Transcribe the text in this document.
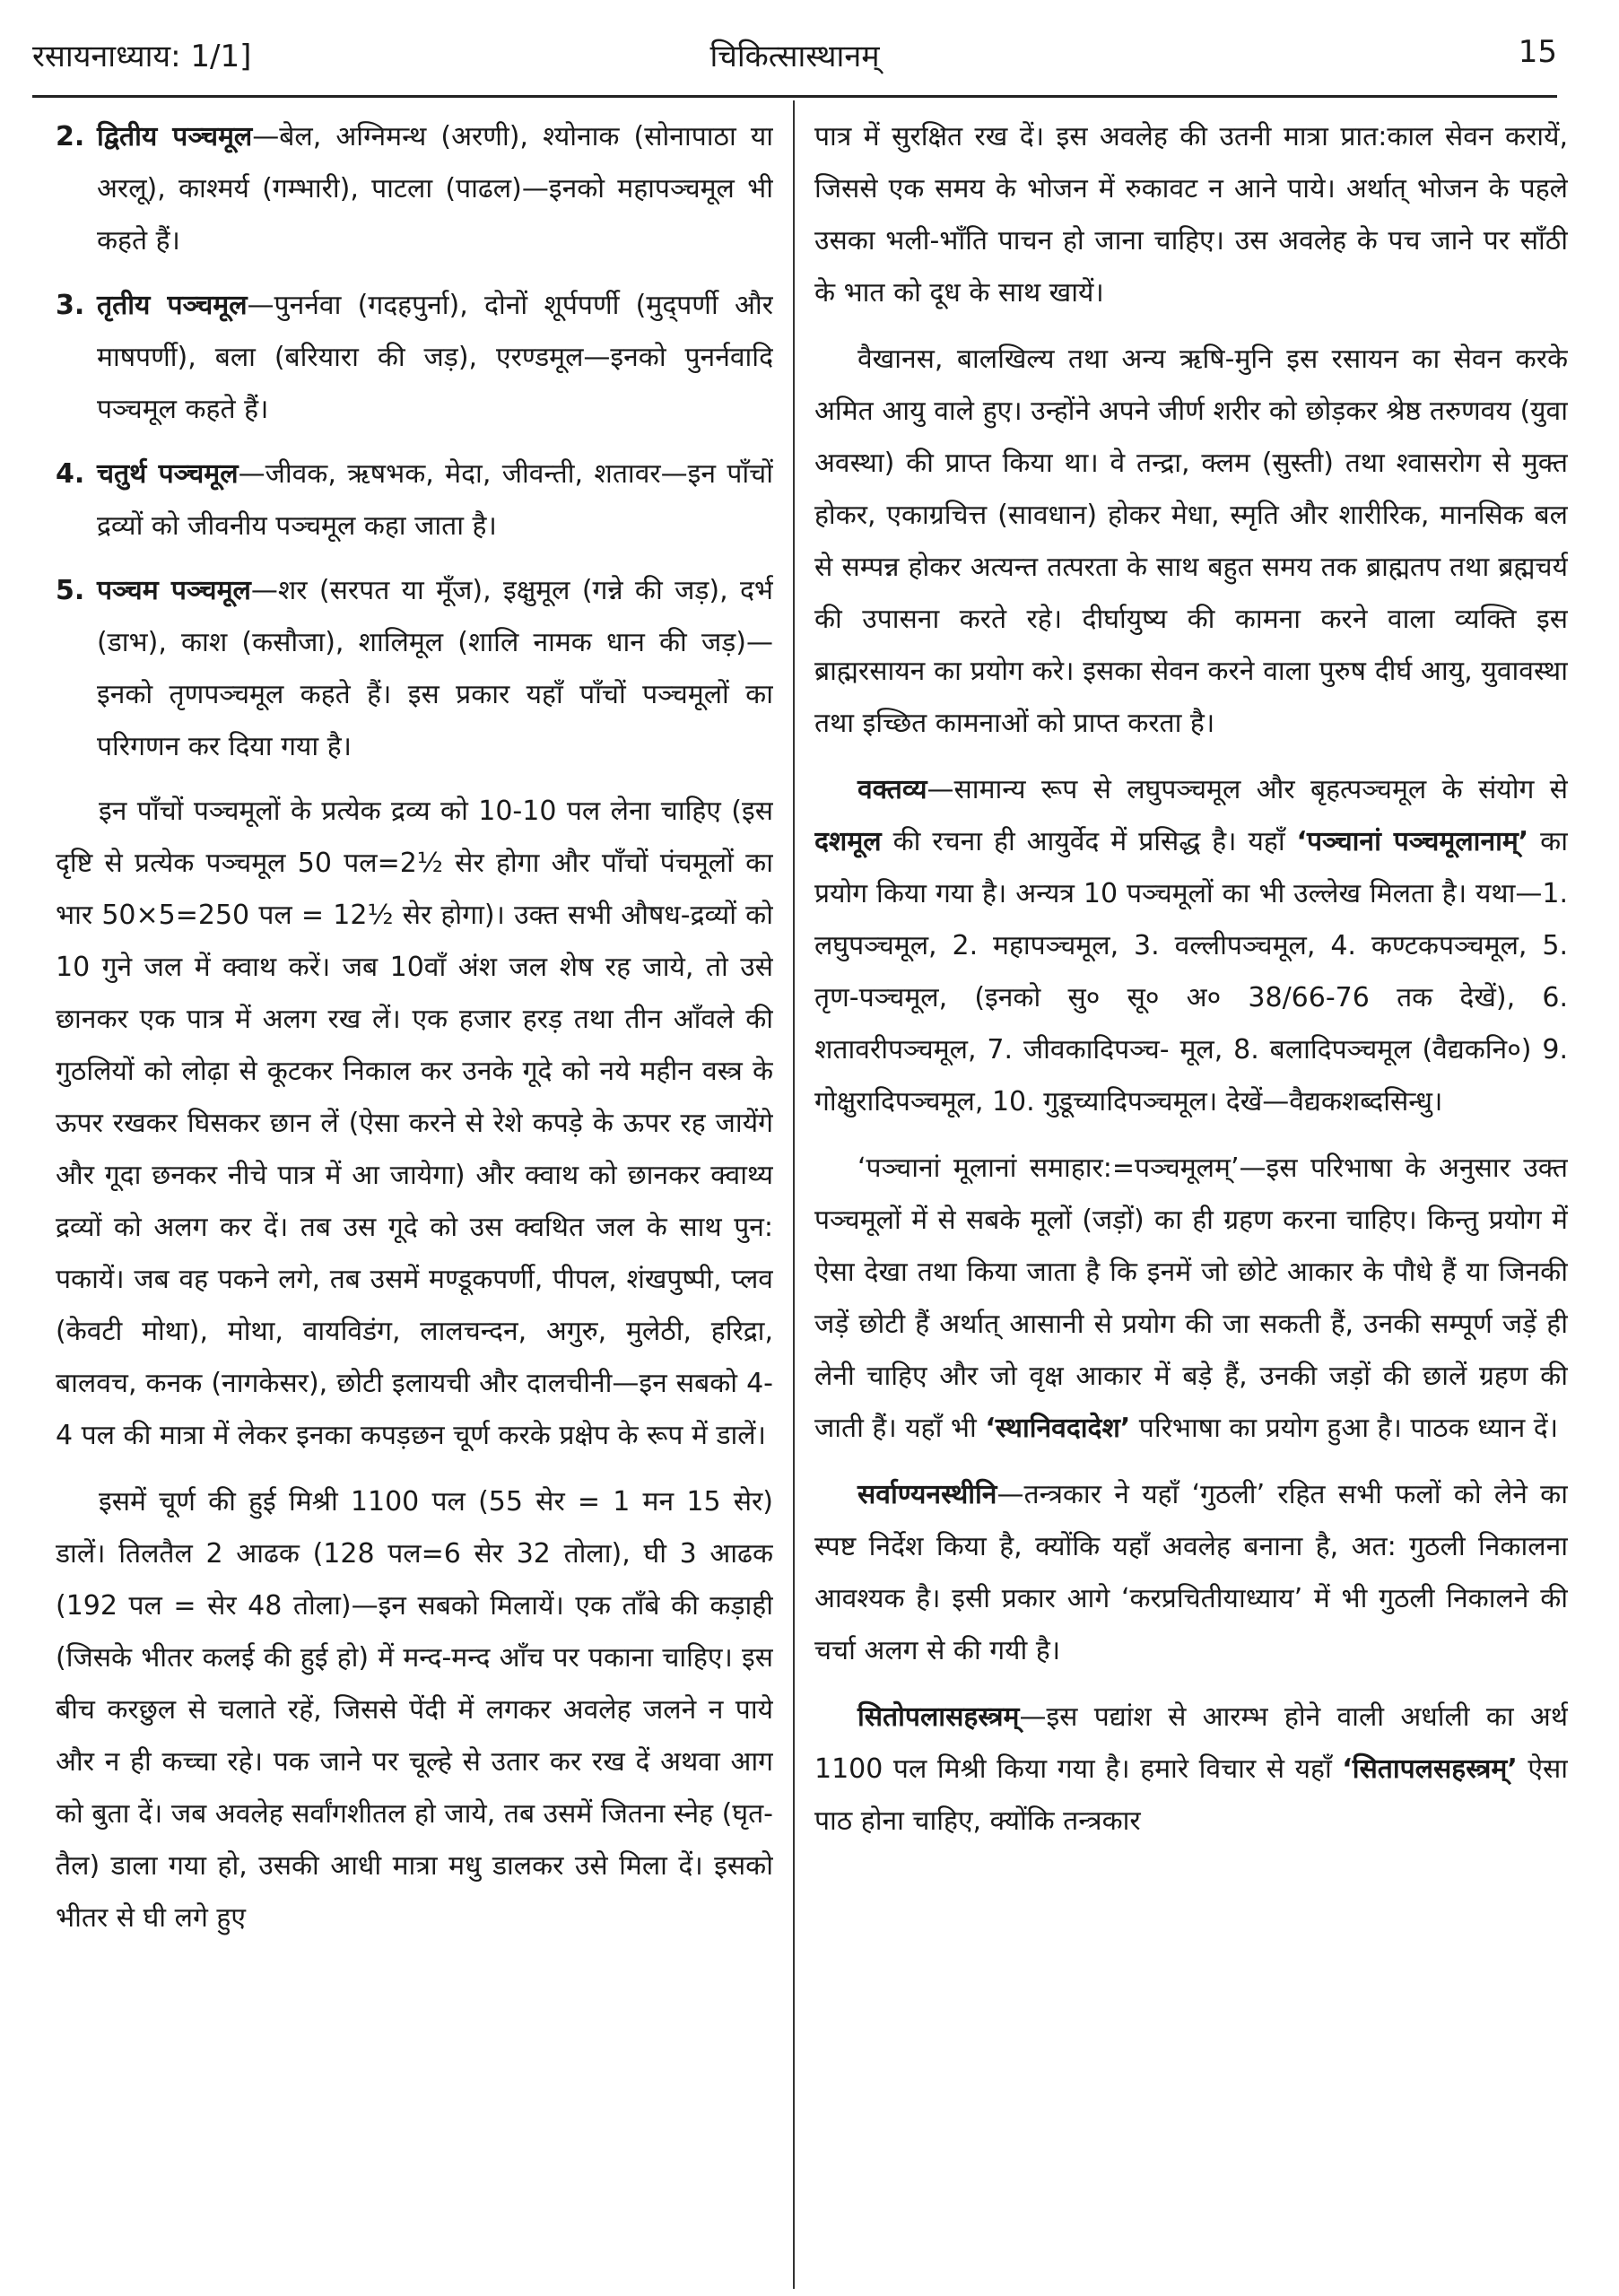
रसायनाध्याय: 1/1]	चिकित्सास्थानम्	15
2. द्वितीय पञ्चमूल—बेल, अग्निमन्थ (अरणी), श्योनाक (सोनापाठा या अरलू), काश्मर्य (गम्भारी), पाटला (पाढल)—इनको महापञ्चमूल भी कहते हैं।
3. तृतीय पञ्चमूल—पुनर्नवा (गदहपुर्ना), दोनों शूर्पपर्णी (मुद्‍पर्णी और माषपर्णी), बला (बरियारा की जड़), एरण्डमूल—इनको पुनर्नवादि पञ्चमूल कहते हैं।
4. चतुर्थ पञ्चमूल—जीवक, ऋषभक, मेदा, जीवन्ती, शतावर—इन पाँचों द्रव्यों को जीवनीय पञ्चमूल कहा जाता है।
5. पञ्चम पञ्चमूल—शर (सरपत या मूँज), इक्षुमूल (गन्ने की जड़), दर्भ (डाभ), काश (कसौजा), शालिमूल (शालि नामक धान की जड़)—इनको तृणपञ्चमूल कहते हैं। इस प्रकार यहाँ पाँचों पञ्चमूलों का परिगणन कर दिया गया है।

इन पाँचों पञ्चमूलों के प्रत्येक द्रव्य को 10-10 पल लेना चाहिए (इस दृष्टि से प्रत्येक पञ्चमूल 50 पल=2½ सेर होगा और पाँचों पंचमूलों का भार 50×5=250 पल = 12½ सेर होगा)। उक्त सभी औषध-द्रव्यों को 10 गुने जल में क्वाथ करें। जब 10वाँ अंश जल शेष रह जाये, तो उसे छानकर एक पात्र में अलग रख लें। एक हजार हरड़ तथा तीन आँवले की गुठलियों को लोढ़ा से कूटकर निकाल कर उनके गूदे को नये महीन वस्त्र के ऊपर रखकर घिसकर छान लें (ऐसा करने से रेशे कपड़े के ऊपर रह जायेंगे और गूदा छनकर नीचे पात्र में आ जायेगा) और क्वाथ को छानकर क्वाथ्य द्रव्यों को अलग कर दें। तब उस गूदे को उस क्वथित जल के साथ पुन: पकायें। जब वह पकने लगे, तब उसमें मण्डूकपर्णी, पीपल, शंखपुष्पी, प्लव (केवटी मोथा), मोथा, वायविडंग, लालचन्दन, अगुरु, मुलेठी, हरिद्रा, बालवच, कनक (नागकेसर), छोटी इलायची और दालचीनी—इन सबको 4-4 पल की मात्रा में लेकर इनका कपड़छन चूर्ण करके प्रक्षेप के रूप में डालें।

इसमें चूर्ण की हुई मिश्री 1100 पल (55 सेर = 1 मन 15 सेर) डालें। तिलतैल 2 आढक (128 पल=6 सेर 32 तोला), घी 3 आढक (192 पल = सेर 48 तोला)—इन सबको मिलायें। एक ताँबे की कड़ाही (जिसके भीतर कलई की हुई हो) में मन्द-मन्द आँच पर पकाना चाहिए। इस बीच करछुल से चलाते रहें, जिससे पेंदी में लगकर अवलेह जलने न पाये और न ही कच्चा रहे। पक जाने पर चूल्हे से उतार कर रख दें अथवा आग को बुता दें। जब अवलेह सर्वांगशीतल हो जाये, तब उसमें जितना स्नेह (घृत-तैल) डाला गया हो, उसकी आधी मात्रा मधु डालकर उसे मिला दें। इसको भीतर से घी लगे हुए

पात्र में सुरक्षित रख दें। इस अवलेह की उतनी मात्रा प्रात:काल सेवन करायें, जिससे एक समय के भोजन में रुकावट न आने पाये। अर्थात् भोजन के पहले उसका भली-भाँति पाचन हो जाना चाहिए। उस अवलेह के पच जाने पर साँठी के भात को दूध के साथ खायें।

वैखानस, बालखिल्य तथा अन्य ऋषि-मुनि इस रसायन का सेवन करके अमित आयु वाले हुए। उन्होंने अपने जीर्ण शरीर को छोड़कर श्रेष्ठ तरुणवय (युवा अवस्था) की प्राप्त किया था। वे तन्द्रा, क्लम (सुस्ती) तथा श्वासरोग से मुक्त होकर, एकाग्रचित्त (सावधान) होकर मेधा, स्मृति और शारीरिक, मानसिक बल से सम्पन्न होकर अत्यन्त तत्परता के साथ बहुत समय तक ब्राह्मतप तथा ब्रह्मचर्य की उपासना करते रहे। दीर्घायुष्य की कामना करने वाला व्यक्ति इस ब्राह्मरसायन का प्रयोग करे। इसका सेवन करने वाला पुरुष दीर्घ आयु, युवावस्था तथा इच्छित कामनाओं को प्राप्त करता है।

वक्तव्य—सामान्य रूप से लघुपञ्चमूल और बृहत्पञ्चमूल के संयोग से दशमूल की रचना ही आयुर्वेद में प्रसिद्ध है। यहाँ ‘पञ्चानां पञ्चमूलानाम्’ का प्रयोग किया गया है। अन्यत्र 10 पञ्चमूलों का भी उल्लेख मिलता है। यथा—1. लघुपञ्चमूल, 2. महापञ्चमूल, 3. वल्लीपञ्चमूल, 4. कण्टकपञ्चमूल, 5. तृण-पञ्चमूल, (इनको सु० सू० अ० 38/66-76 तक देखें), 6. शतावरीपञ्चमूल, 7. जीवकादिपञ्च- मूल, 8. बलादिपञ्चमूल (वैद्यकनि०) 9. गोक्षुरादिपञ्चमूल, 10. गुडूच्यादिपञ्चमूल। देखें—वैद्यकशब्दसिन्धु।

‘पञ्चानां मूलानां समाहार:=पञ्चमूलम्’—इस परिभाषा के अनुसार उक्त पञ्चमूलों में से सबके मूलों (जड़ों) का ही ग्रहण करना चाहिए। किन्तु प्रयोग में ऐसा देखा तथा किया जाता है कि इनमें जो छोटे आकार के पौधे हैं या जिनकी जड़ें छोटी हैं अर्थात् आसानी से प्रयोग की जा सकती हैं, उनकी सम्पूर्ण जड़ें ही लेनी चाहिए और जो वृक्ष आकार में बड़े हैं, उनकी जड़ों की छालें ग्रहण की जाती हैं। यहाँ भी ‘स्थानिवदादेश’ परिभाषा का प्रयोग हुआ है। पाठक ध्यान दें।

सर्वाण्यनस्थीनि—तन्त्रकार ने यहाँ ‘गुठली’ रहित सभी फलों को लेने का स्पष्ट निर्देश किया है, क्योंकि यहाँ अवलेह बनाना है, अत: गुठली निकालना आवश्यक है। इसी प्रकार आगे ‘करप्रचितीयाध्याय’ में भी गुठली निकालने की चर्चा अलग से की गयी है।

सितोपलासहस्त्रम्—इस पद्यांश से आरम्भ होने वाली अर्धाली का अर्थ 1100 पल मिश्री किया गया है। हमारे विचार से यहाँ ‘सितापलसहस्त्रम्’ ऐसा पाठ होना चाहिए, क्योंकि तन्त्रकार
